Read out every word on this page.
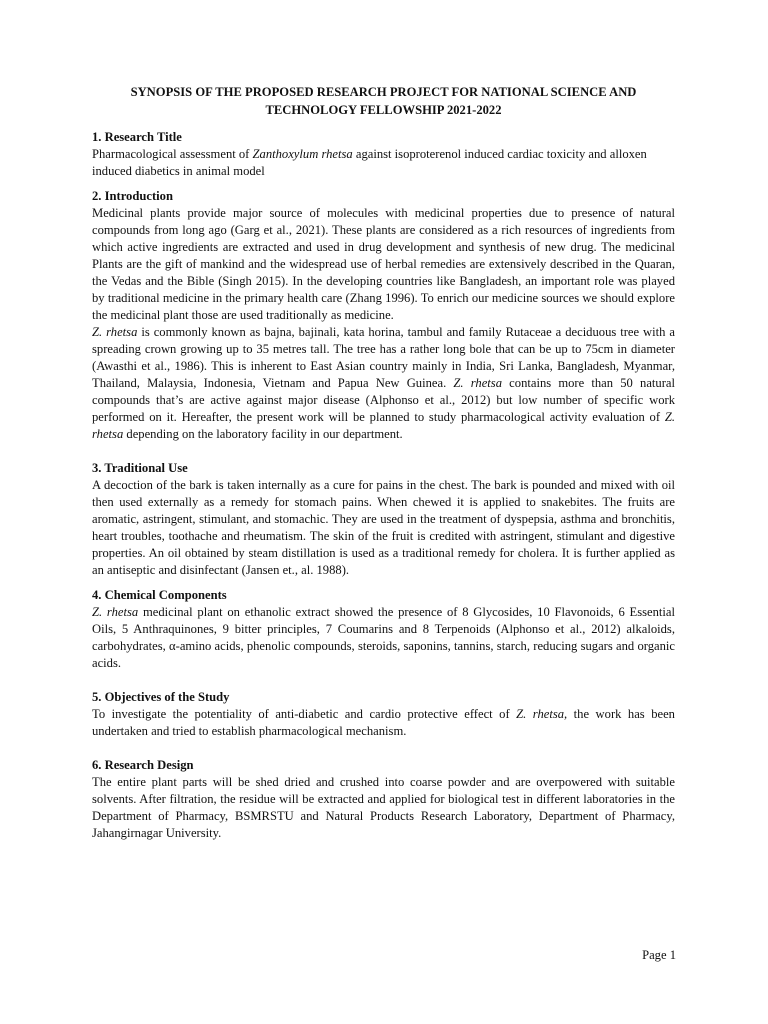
SYNOPSIS OF THE PROPOSED RESEARCH PROJECT FOR NATIONAL SCIENCE AND TECHNOLOGY FELLOWSHIP 2021-2022

1. Research Title

Pharmacological assessment of Zanthoxylum rhetsa against isoproterenol induced cardiac toxicity and alloxen induced diabetics in animal model

2. Introduction

Medicinal plants provide major source of molecules with medicinal properties due to presence of natural compounds from long ago (Garg et al., 2021). These plants are considered as a rich resources of ingredients from which active ingredients are extracted and used in drug development and synthesis of new drug. The medicinal Plants are the gift of mankind and the widespread use of herbal remedies are extensively described in the Quaran, the Vedas and the Bible (Singh 2015). In the developing countries like Bangladesh, an important role was played by traditional medicine in the primary health care (Zhang 1996). To enrich our medicine sources we should explore the medicinal plant those are used traditionally as medicine.

Z. rhetsa is commonly known as bajna, bajinali, kata horina, tambul and family Rutaceae a deciduous tree with a spreading crown growing up to 35 metres tall. The tree has a rather long bole that can be up to 75cm in diameter (Awasthi et al., 1986). This is inherent to East Asian country mainly in India, Sri Lanka, Bangladesh, Myanmar, Thailand, Malaysia, Indonesia, Vietnam and Papua New Guinea. Z. rhetsa contains more than 50 natural compounds that’s are active against major disease (Alphonso et al., 2012) but low number of specific work performed on it. Hereafter, the present work will be planned to study pharmacological activity evaluation of Z. rhetsa depending on the laboratory facility in our department.

3. Traditional Use

A decoction of the bark is taken internally as a cure for pains in the chest. The bark is pounded and mixed with oil then used externally as a remedy for stomach pains. When chewed it is applied to snakebites. The fruits are aromatic, astringent, stimulant, and stomachic. They are used in the treatment of dyspepsia, asthma and bronchitis, heart troubles, toothache and rheumatism. The skin of the fruit is credited with astringent, stimulant and digestive properties. An oil obtained by steam distillation is used as a traditional remedy for cholera. It is further applied as an antiseptic and disinfectant (Jansen et., al. 1988).

4. Chemical Components

Z. rhetsa medicinal plant on ethanolic extract showed the presence of 8 Glycosides, 10 Flavonoids, 6 Essential Oils, 5 Anthraquinones, 9 bitter principles, 7 Coumarins and 8 Terpenoids (Alphonso et al., 2012) alkaloids, carbohydrates, α-amino acids, phenolic compounds, steroids, saponins, tannins, starch, reducing sugars and organic acids.

5. Objectives of the Study

To investigate the potentiality of anti-diabetic and cardio protective effect of Z. rhetsa, the work has been undertaken and tried to establish pharmacological mechanism.

6. Research Design

The entire plant parts will be shed dried and crushed into coarse powder and are overpowered with suitable solvents. After filtration, the residue will be extracted and applied for biological test in different laboratories in the Department of Pharmacy, BSMRSTU and Natural Products Research Laboratory, Department of Pharmacy, Jahangirnagar University.

Page 1
